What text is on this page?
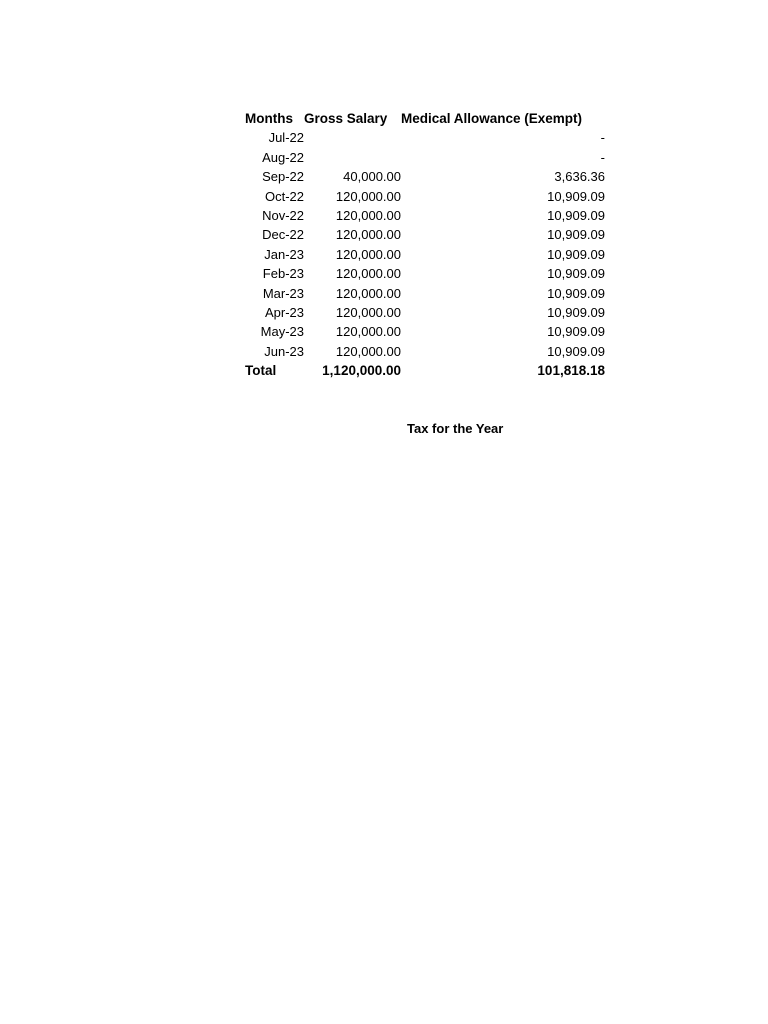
Months	Gross Salary	Medical Allowance (Exempt)
Jul-22		-
Aug-22		-
Sep-22	40,000.00	3,636.36
Oct-22	120,000.00	10,909.09
Nov-22	120,000.00	10,909.09
Dec-22	120,000.00	10,909.09
Jan-23	120,000.00	10,909.09
Feb-23	120,000.00	10,909.09
Mar-23	120,000.00	10,909.09
Apr-23	120,000.00	10,909.09
May-23	120,000.00	10,909.09
Jun-23	120,000.00	10,909.09
Total	1,120,000.00	101,818.18
Tax for the Year
